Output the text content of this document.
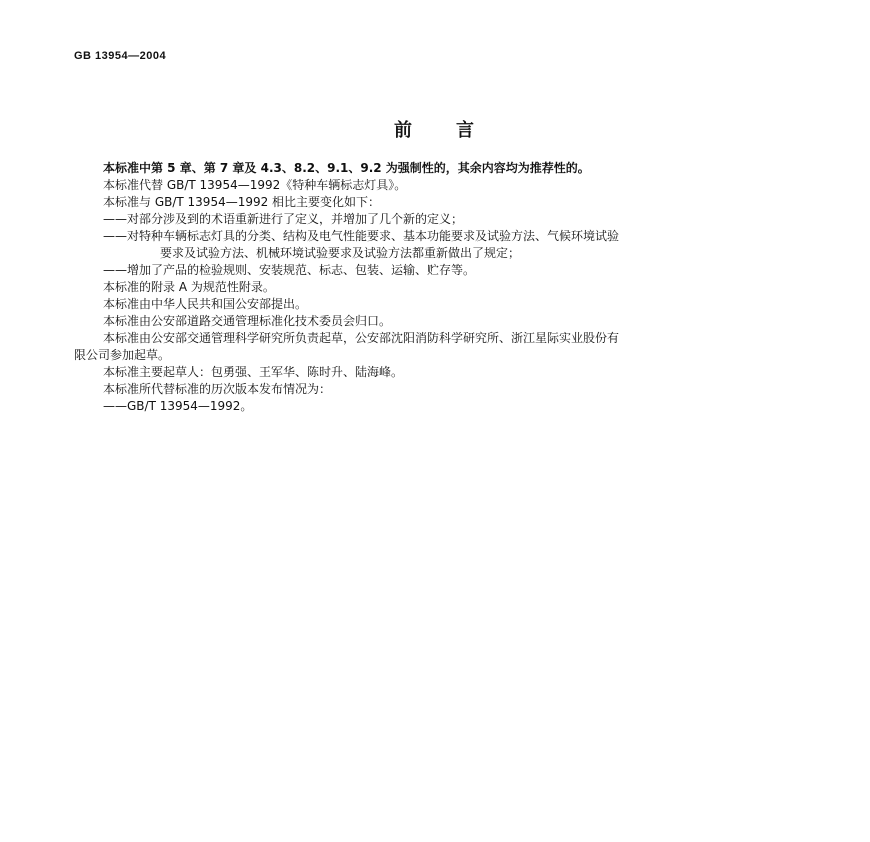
GB 13954—2004
前 言

本标准中第 5 章、第 7 章及 4.3、8.2、9.1、9.2 为强制性的，其余内容均为推荐性的。

本标准代替 GB/T 13954—1992《特种车辆标志灯具》。

本标准与 GB/T 13954—1992 相比主要变化如下：

——对部分涉及到的术语重新进行了定义，并增加了几个新的定义；

——对特种车辆标志灯具的分类、结构及电气性能要求、基本功能要求及试验方法、气候环境试验

要求及试验方法、机械环境试验要求及试验方法都重新做出了规定；

——增加了产品的检验规则、安装规范、标志、包装、运输、贮存等。

本标准的附录 A 为规范性附录。

本标准由中华人民共和国公安部提出。

本标准由公安部道路交通管理标准化技术委员会归口。

本标准由公安部交通管理科学研究所负责起草，公安部沈阳消防科学研究所、浙江星际实业股份有

限公司参加起草。

本标准主要起草人：包勇强、王军华、陈时升、陆海峰。

本标准所代替标准的历次版本发布情况为：

——GB/T 13954—1992。
